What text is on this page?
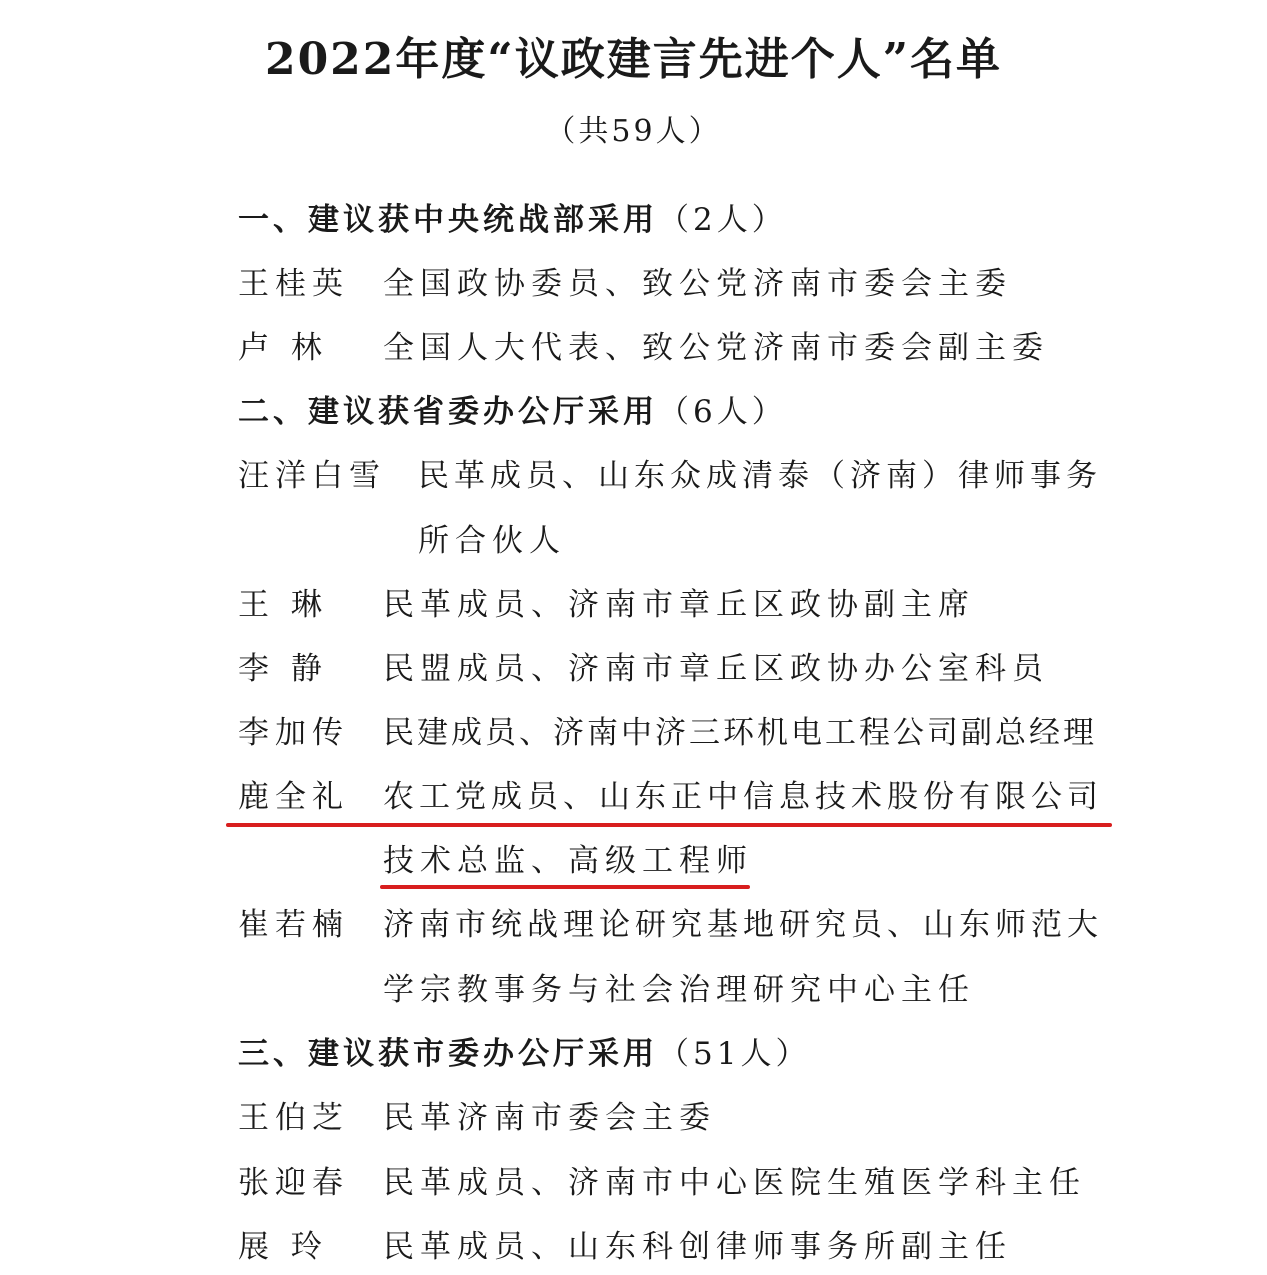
2022年度“议政建言先进个人”名单
（共59人）
一、建议获中央统战部采用（2人）
王桂英 全国政协委员、致公党济南市委会主委
卢 林 全国人大代表、致公党济南市委会副主委
二、建议获省委办公厅采用（6人）
汪洋白雪 民革成员、山东众成清泰（济南）律师事务
所合伙人
王 琳 民革成员、济南市章丘区政协副主席
李 静 民盟成员、济南市章丘区政协办公室科员
李加传 民建成员、济南中济三环机电工程公司副总经理
鹿全礼 农工党成员、山东正中信息技术股份有限公司
技术总监、高级工程师
崔若楠 济南市统战理论研究基地研究员、山东师范大
学宗教事务与社会治理研究中心主任
三、建议获市委办公厅采用（51人）
王伯芝 民革济南市委会主委
张迎春 民革成员、济南市中心医院生殖医学科主任
展 玲 民革成员、山东科创律师事务所副主任
